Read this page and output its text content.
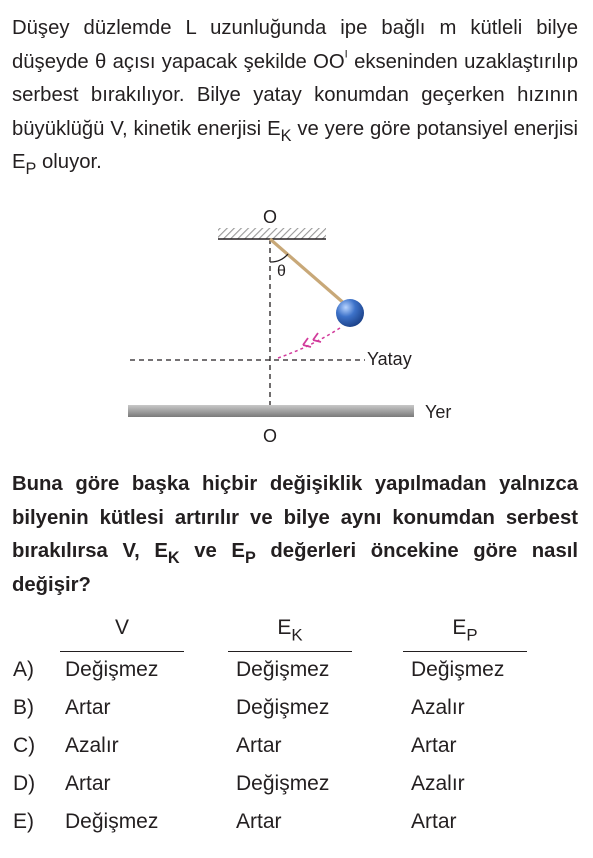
Düşey düzlemde L uzunluğunda ipe bağlı m kütleli bilye düşeyde θ açısı yapacak şekilde $OO^I$ ekseninden uzaklaştırılıp serbest bırakılıyor. Bilye yatay konumdan geçerken hızının büyüklüğü V, kinetik enerjisi $E_K$ ve yere göre potansiyel enerjisi $E_P$ oluyor.
O
θ
Yatay
Yer
O
Buna göre başka hiçbir değişiklik yapılmadan yalnızca bilyenin kütlesi artırılır ve bilye aynı konumdan serbest bırakılırsa V, $E_K$ ve $E_P$ değerleri öncekine göre nasıl değişir?
V	$E_K$	$E_P$
A) Değişmez	Değişmez	Değişmez
B) Artar	Değişmez	Azalır
C) Azalır	Artar	Artar
D) Artar	Değişmez	Azalır
E) Değişmez	Artar	Artar
